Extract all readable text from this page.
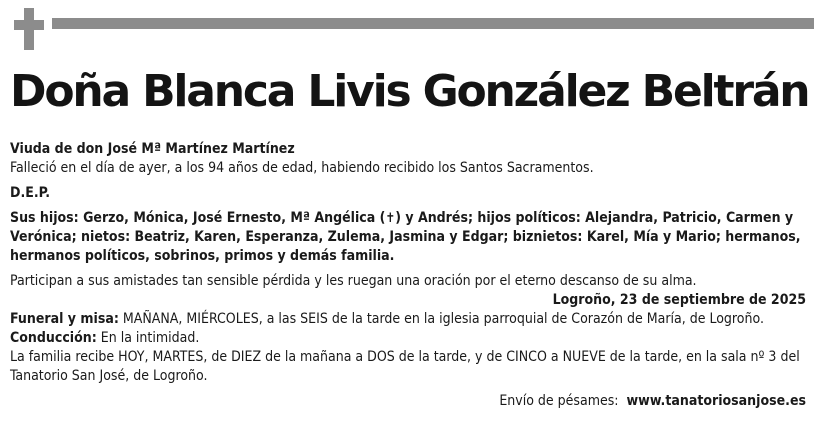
Doña Blanca Livis González Beltrán

Viuda de don José Mª Martínez Martínez

Falleció en el día de ayer, a los 94 años de edad, habiendo recibido los Santos Sacramentos.

D.E.P.

Sus hijos: Gerzo, Mónica, José Ernesto, Mª Angélica (✝) y Andrés; hijos políticos: Alejandra, Patricio, Carmen y Verónica; nietos: Beatriz, Karen, Esperanza, Zulema, Jasmina y Edgar; biznietos: Karel, Mía y Mario; hermanos, hermanos políticos, sobrinos, primos y demás familia.

Participan a sus amistades tan sensible pérdida y les ruegan una oración por el eterno descanso de su alma.

Logroño, 23 de septiembre de 2025

Funeral y misa: MAÑANA, MIÉRCOLES, a las SEIS de la tarde en la iglesia parroquial de Corazón de María, de Logroño.

Conducción: En la intimidad.

La familia recibe HOY, MARTES, de DIEZ de la mañana a DOS de la tarde, y de CINCO a NUEVE de la tarde, en la sala nº 3 del Tanatorio San José, de Logroño.

Envío de pésames: www.tanatoriosanjose.es
